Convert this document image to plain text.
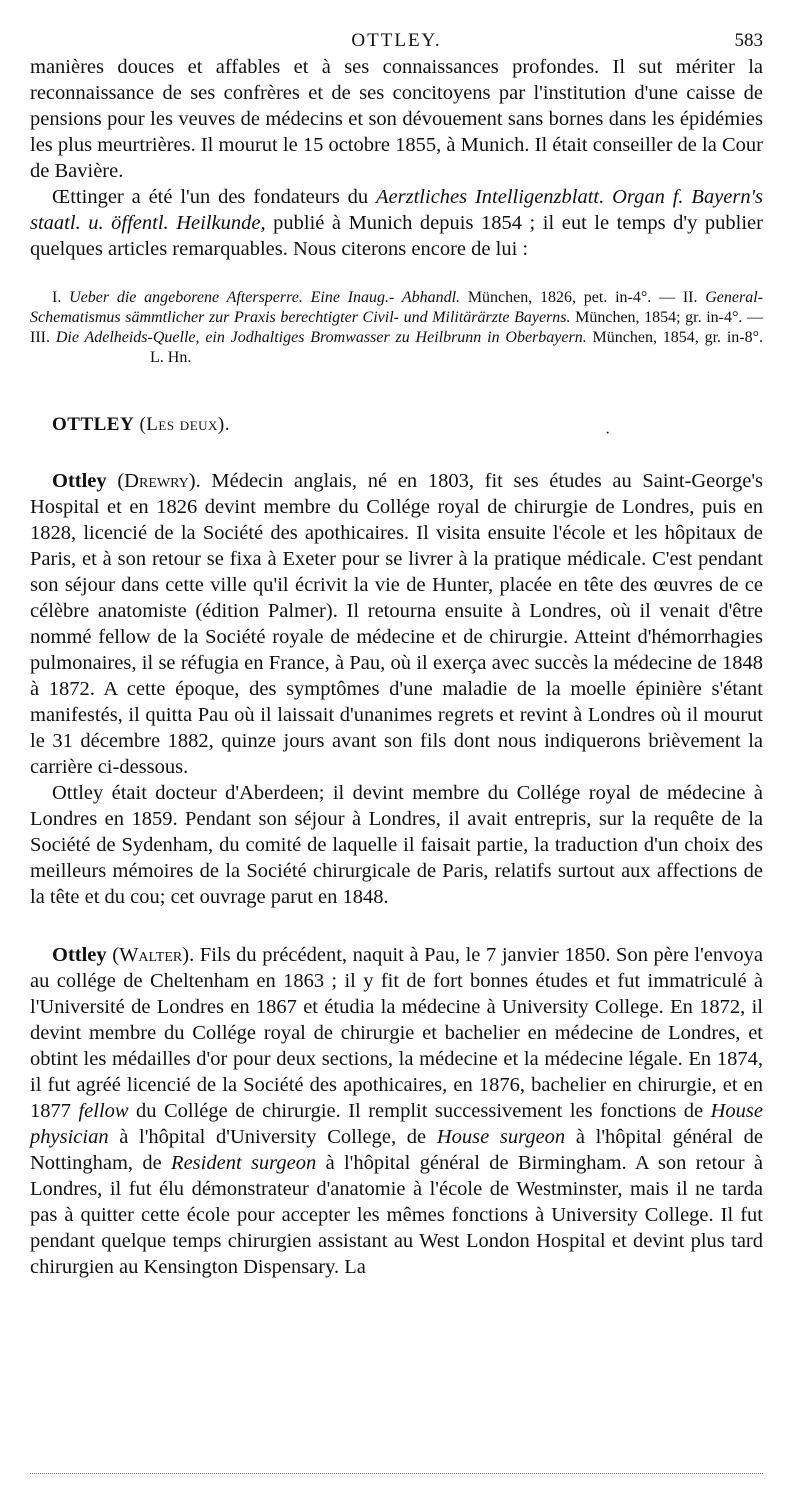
OTTLEY.	583

manières douces et affables et à ses connaissances profondes. Il sut mériter la reconnaissance de ses confrères et de ses concitoyens par l'institution d'une caisse de pensions pour les veuves de médecins et son dévouement sans bornes dans les épidémies les plus meurtrières. Il mourut le 15 octobre 1855, à Munich. Il était conseiller de la Cour de Bavière.

Œttinger a été l'un des fondateurs du Aerztliches Intelligenzblatt. Organ f. Bayern's staatl. u. öffentl. Heilkunde, publié à Munich depuis 1854 ; il eut le temps d'y publier quelques articles remarquables. Nous citerons encore de lui :

I. Ueber die angeborene Aftersperre. Eine Inaug.- Abhandl. München, 1826, pet. in-4°. — II. General- Schematismus sämmtlicher zur Praxis berechtigter Civil- und Militärärzte Bayerns. München, 1854; gr. in-4°. — III. Die Adelheids-Quelle, ein Jodhaltiges Bromwasser zu Heilbrunn in Oberbayern. München, 1854, gr. in-8°. L. Hn.

OTTLEY (Les deux).

Ottley (Drewry). Médecin anglais, né en 1803, fit ses études au Saint-George's Hospital et en 1826 devint membre du Collége royal de chirurgie de Londres, puis en 1828, licencié de la Société des apothicaires. Il visita ensuite l'école et les hôpitaux de Paris, et à son retour se fixa à Exeter pour se livrer à la pratique médicale. C'est pendant son séjour dans cette ville qu'il écrivit la vie de Hunter, placée en tête des œuvres de ce célèbre anatomiste (édition Palmer). Il retourna ensuite à Londres, où il venait d'être nommé fellow de la Société royale de médecine et de chirurgie. Atteint d'hémorrhagies pulmonaires, il se réfugia en France, à Pau, où il exerça avec succès la médecine de 1848 à 1872. A cette époque, des symptômes d'une maladie de la moelle épinière s'étant manifestés, il quitta Pau où il laissait d'unanimes regrets et revint à Londres où il mourut le 31 décembre 1882, quinze jours avant son fils dont nous indiquerons brièvement la carrière ci-dessous.

Ottley était docteur d'Aberdeen; il devint membre du Collége royal de médecine à Londres en 1859. Pendant son séjour à Londres, il avait entrepris, sur la requête de la Société de Sydenham, du comité de laquelle il faisait partie, la traduction d'un choix des meilleurs mémoires de la Société chirurgicale de Paris, relatifs surtout aux affections de la tête et du cou; cet ouvrage parut en 1848.

Ottley (Walter). Fils du précédent, naquit à Pau, le 7 janvier 1850. Son père l'envoya au collége de Cheltenham en 1863 ; il y fit de fort bonnes études et fut immatriculé à l'Université de Londres en 1867 et étudia la médecine à University College. En 1872, il devint membre du Collége royal de chirurgie et bachelier en médecine de Londres, et obtint les médailles d'or pour deux sections, la médecine et la médecine légale. En 1874, il fut agréé licencié de la Société des apothicaires, en 1876, bachelier en chirurgie, et en 1877 fellow du Collége de chirurgie. Il remplit successivement les fonctions de House physician à l'hôpital d'University College, de House surgeon à l'hôpital général de Nottingham, de Resident surgeon à l'hôpital général de Birmingham. A son retour à Londres, il fut élu démonstrateur d'anatomie à l'école de Westminster, mais il ne tarda pas à quitter cette école pour accepter les mêmes fonctions à University College. Il fut pendant quelque temps chirurgien assistant au West London Hospital et devint plus tard chirurgien au Kensington Dispensary. La

·
